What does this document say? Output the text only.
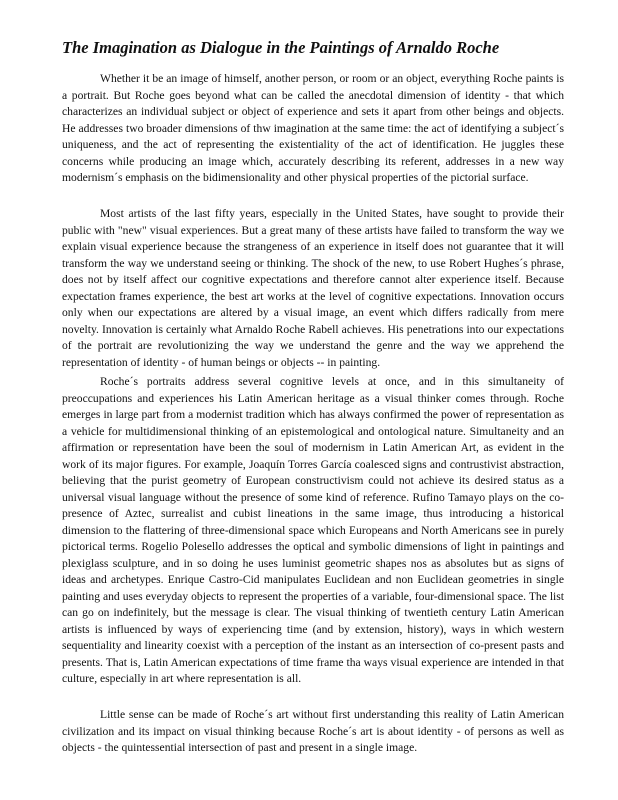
The Imagination as Dialogue in the Paintings of Arnaldo Roche

Whether it be an image of himself, another person, or room or an object, everything Roche paints is a portrait. But Roche goes beyond what can be called the anecdotal dimension of identity - that which characterizes an individual subject or object of experience and sets it apart from other beings and objects. He addresses two broader dimensions of thw imagination at the same time: the act of identifying a subject´s uniqueness, and the act of representing the existentiality of the act of identification. He juggles these concerns while producing an image which, accurately describing its referent, addresses in a new way modernism´s emphasis on the bidimensionality and other physical properties of the pictorial surface.

Most artists of the last fifty years, especially in the United States, have sought to provide their public with "new" visual experiences. But a great many of these artists have failed to transform the way we explain visual experience because the strangeness of an experience in itself does not guarantee that it will transform the way we understand seeing or thinking. The shock of the new, to use Robert Hughes´s phrase, does not by itself affect our cognitive expectations and therefore cannot alter experience itself. Because expectation frames experience, the best art works at the level of cognitive expectations. Innovation occurs only when our expectations are altered by a visual image, an event which differs radically from mere novelty. Innovation is certainly what Arnaldo Roche Rabell achieves. His penetrations into our expectations of the portrait are revolutionizing the way we understand the genre and the way we apprehend the representation of identity - of human beings or objects -- in painting.

Roche´s portraits address several cognitive levels at once, and in this simultaneity of preoccupations and experiences his Latin American heritage as a visual thinker comes through. Roche emerges in large part from a modernist tradition which has always confirmed the power of representation as a vehicle for multidimensional thinking of an epistemological and ontological nature. Simultaneity and an affirmation or representation have been the soul of modernism in Latin American Art, as evident in the work of its major figures. For example, Joaquín Torres García coalesced signs and contrustivist abstraction, believing that the purist geometry of European constructivism could not achieve its desired status as a universal visual language without the presence of some kind of reference. Rufino Tamayo plays on the co-presence of Aztec, surrealist and cubist lineations in the same image, thus introducing a historical dimension to the flattering of three-dimensional space which Europeans and North Americans see in purely pictorical terms. Rogelio Polesello addresses the optical and symbolic dimensions of light in paintings and plexiglass sculpture, and in so doing he uses luminist geometric shapes nos as absolutes but as signs of ideas and archetypes. Enrique Castro-Cid manipulates Euclidean and non Euclidean geometries in single painting and uses everyday objects to represent the properties of a variable, four-dimensional space. The list can go on indefinitely, but the message is clear. The visual thinking of twentieth century Latin American artists is influenced by ways of experiencing time (and by extension, history), ways in which western sequentiality and linearity coexist with a perception of the instant as an intersection of co-present pasts and presents. That is, Latin American expectations of time frame tha ways visual experience are intended in that culture, especially in art where representation is all.

Little sense can be made of Roche´s art without first understanding this reality of Latin American civilization and its impact on visual thinking because Roche´s art is about identity - of persons as well as objects - the quintessential intersection of past and present in a single image.
